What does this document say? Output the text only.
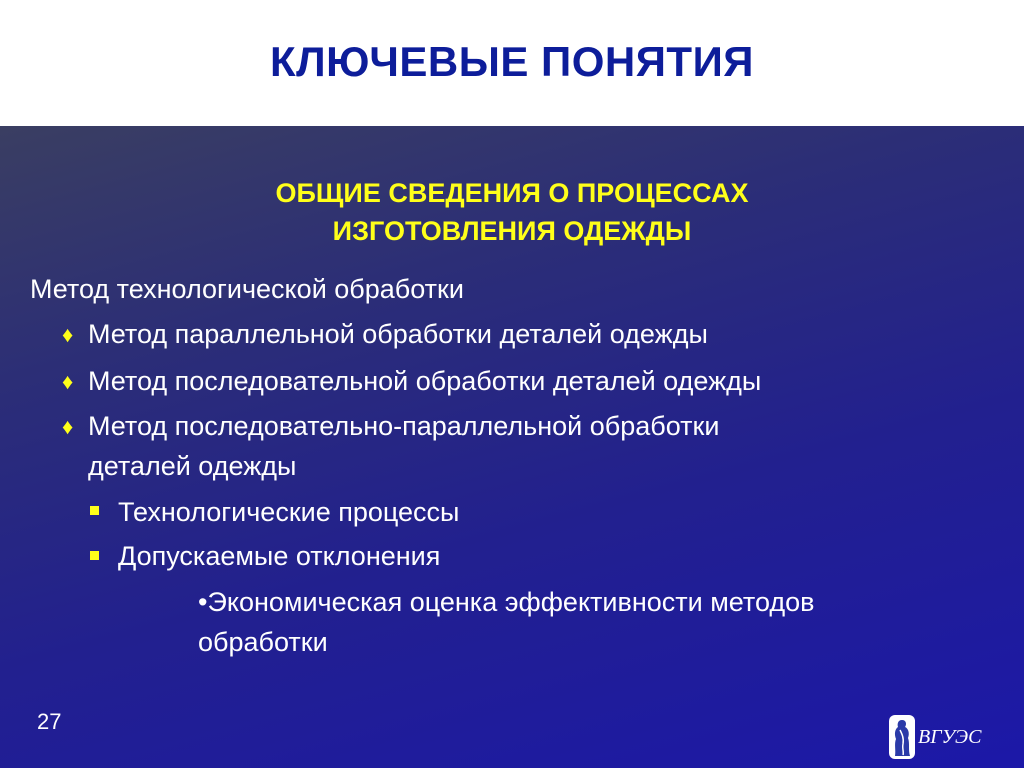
КЛЮЧЕВЫЕ ПОНЯТИЯ
ОБЩИЕ СВЕДЕНИЯ О ПРОЦЕССАХ
ИЗГОТОВЛЕНИЯ ОДЕЖДЫ
Метод технологической обработки
♦ Метод параллельной обработки деталей одежды
♦ Метод последовательной обработки деталей одежды
♦ Метод последовательно-параллельной обработки
деталей одежды
Технологические процессы
Допускаемые отклонения
•Экономическая оценка эффективности методов
обработки
27
ВГУЭС
